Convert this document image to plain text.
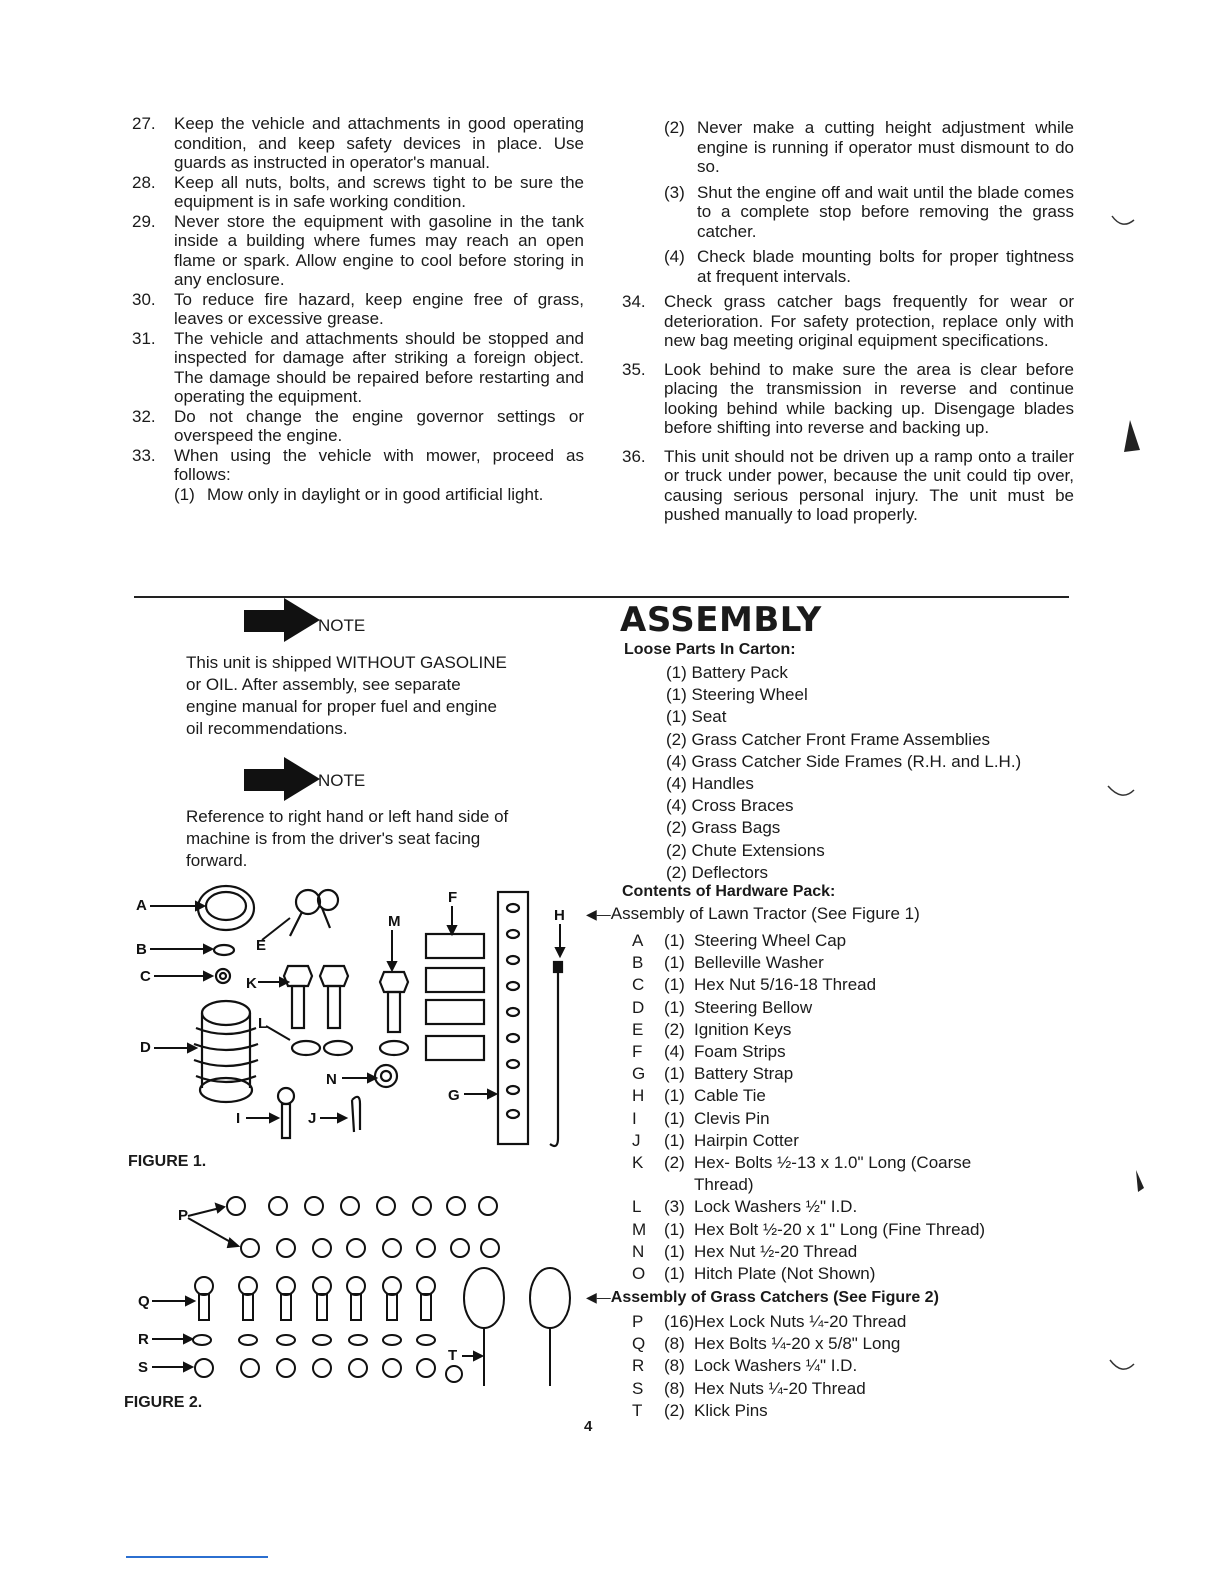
27. Keep the vehicle and attachments in good operating condition, and keep safety devices in place. Use guards as instructed in operator's manual.
28. Keep all nuts, bolts, and screws tight to be sure the equipment is in safe working condition.
29. Never store the equipment with gasoline in the tank inside a building where fumes may reach an open flame or spark. Allow engine to cool before storing in any enclosure.
30. To reduce fire hazard, keep engine free of grass, leaves or excessive grease.
31. The vehicle and attachments should be stopped and inspected for damage after striking a foreign object. The damage should be repaired before restarting and operating the equipment.
32. Do not change the engine governor settings or overspeed the engine.
33. When using the vehicle with mower, proceed as follows:
(1) Mow only in daylight or in good artificial light.
(2) Never make a cutting height adjustment while engine is running if operator must dismount to do so.
(3) Shut the engine off and wait until the blade comes to a complete stop before removing the grass catcher.
(4) Check blade mounting bolts for proper tightness at frequent intervals.
34. Check grass catcher bags frequently for wear or deterioration. For safety protection, replace only with new bag meeting original equipment specifications.
35. Look behind to make sure the area is clear before placing the transmission in reverse and continue looking behind while backing up. Disengage blades before shifting into reverse and backing up.
36. This unit should not be driven up a ramp onto a trailer or truck under power, because the unit could tip over, causing serious personal injury. The unit must be pushed manually to load properly.
NOTE
This unit is shipped WITHOUT GASOLINE or OIL. After assembly, see separate engine manual for proper fuel and engine oil recommendations.
NOTE
Reference to right hand or left hand side of machine is from the driver's seat facing forward.
ASSEMBLY
Loose Parts In Carton:
(1) Battery Pack
(1) Steering Wheel
(1) Seat
(2) Grass Catcher Front Frame Assemblies
(4) Grass Catcher Side Frames (R.H. and L.H.)
(4) Handles
(4) Cross Braces
(2) Grass Bags
(2) Chute Extensions
(2) Deflectors
Contents of Hardware Pack:
◀—Assembly of Lawn Tractor (See Figure 1)
A (1) Steering Wheel Cap
B (1) Belleville Washer
C (1) Hex Nut 5/16-18 Thread
D (1) Steering Bellow
E (2) Ignition Keys
F (4) Foam Strips
G (1) Battery Strap
H (1) Cable Tie
I (1) Clevis Pin
J (1) Hairpin Cotter
K (2) Hex- Bolts ½-13 x 1.0" Long (Coarse
Thread)
L (3) Lock Washers ½" I.D.
M (1) Hex Bolt ½-20 x 1" Long (Fine Thread)
N (1) Hex Nut ½-20 Thread
O (1) Hitch Plate (Not Shown)
◀—Assembly of Grass Catchers (See Figure 2)
P (16)Hex Lock Nuts ¼-20 Thread
Q (8) Hex Bolts ¼-20 x 5/8" Long
R (8) Lock Washers ¼" I.D.
S (8) Hex Nuts ¼-20 Thread
T (2) Klick Pins
A
B
C
D
E
F
G
H
I	J
K
L
M
N
FIGURE 1.
P
Q
R
S
T
FIGURE 2.
4
